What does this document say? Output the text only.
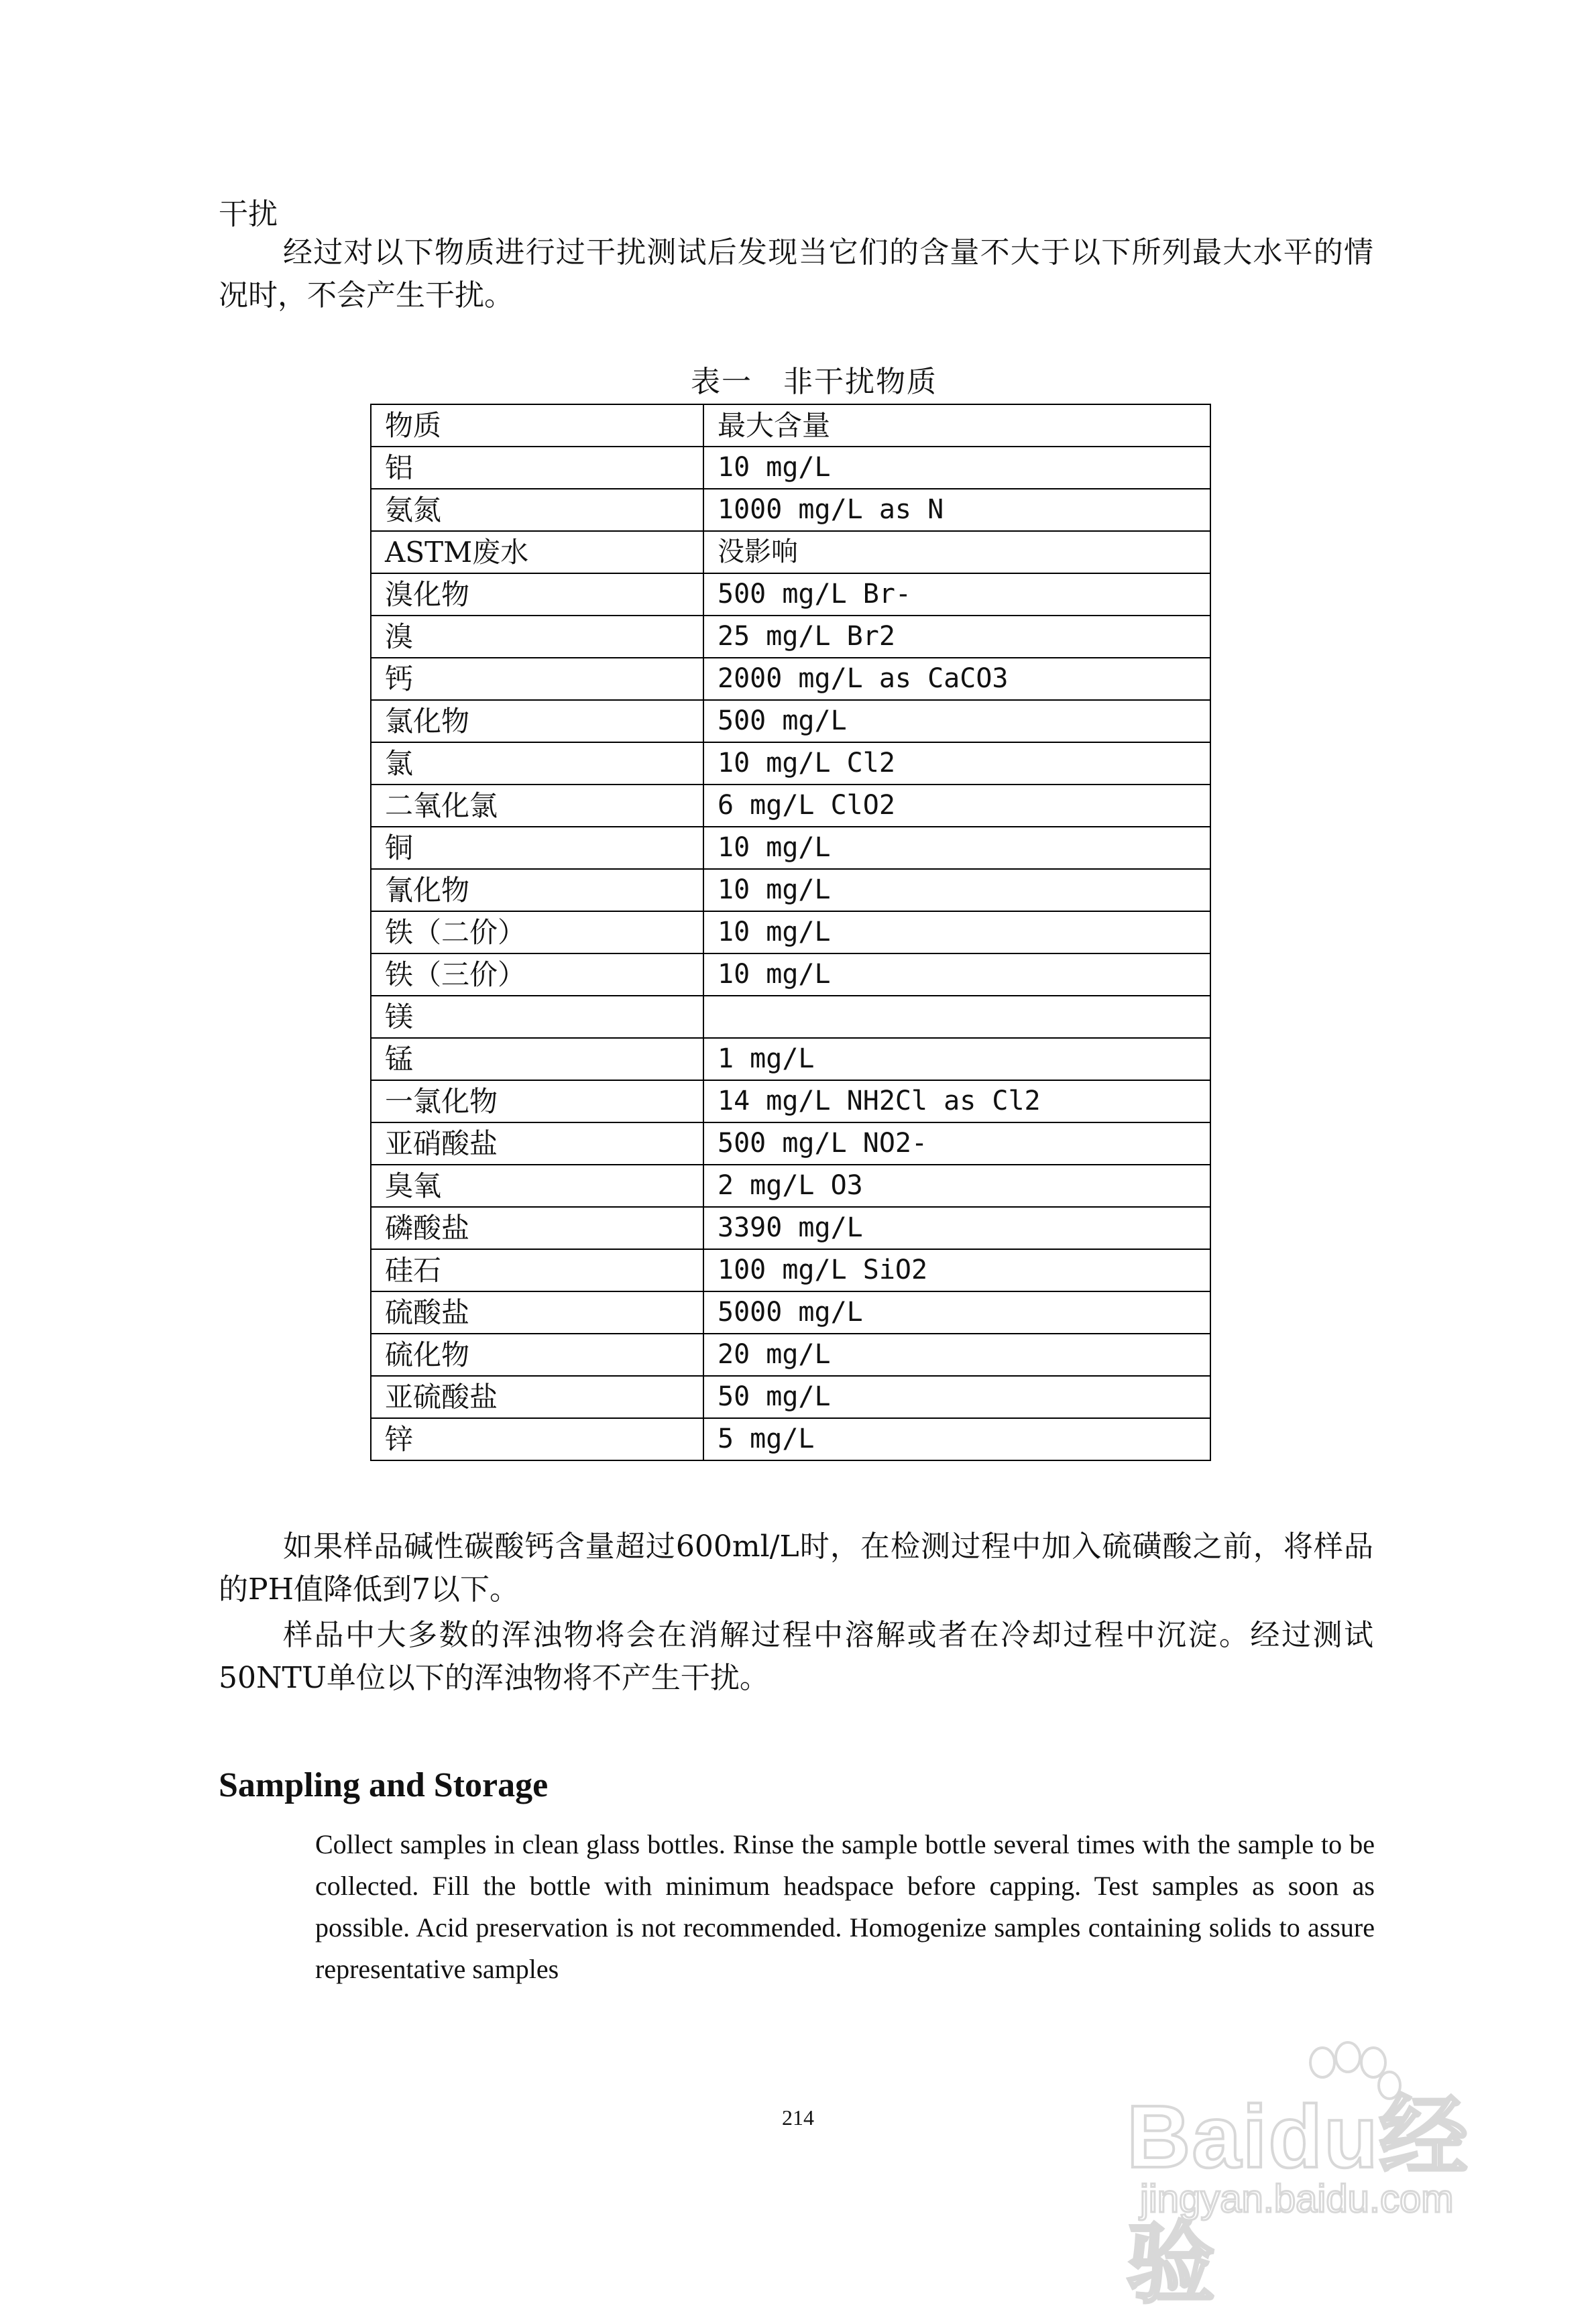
干扰
经过对以下物质进行过干扰测试后发现当它们的含量不大于以下所列最大水平的情况时，不会产生干扰。
表一　非干扰物质
物质	最大含量
铝	10 mg/L
氨氮	1000 mg/L as N
ASTM废水	没影响
溴化物	500 mg/L Br-
溴	25 mg/L Br2
钙	2000 mg/L as CaCO3
氯化物	500 mg/L
氯	10 mg/L Cl2
二氧化氯	6 mg/L ClO2
铜	10 mg/L
氰化物	10 mg/L
铁（二价）	10 mg/L
铁（三价）	10 mg/L
镁	
锰	1 mg/L
一氯化物	14 mg/L NH2Cl as Cl2
亚硝酸盐	500 mg/L NO2-
臭氧	2 mg/L O3
磷酸盐	3390 mg/L
硅石	100 mg/L SiO2
硫酸盐	5000 mg/L
硫化物	20 mg/L
亚硫酸盐	50 mg/L
锌	5 mg/L
如果样品碱性碳酸钙含量超过600ml/L时，在检测过程中加入硫磺酸之前，将样品的PH值降低到7以下。
样品中大多数的浑浊物将会在消解过程中溶解或者在冷却过程中沉淀。经过测试50NTU单位以下的浑浊物将不产生干扰。
Sampling and Storage
Collect samples in clean glass bottles. Rinse the sample bottle several times with the sample to be collected. Fill the bottle with minimum headspace before capping. Test samples as soon as possible. Acid preservation is not recommended. Homogenize samples containing solids to assure representative samples
214	Baidu经验
jingyan.baidu.com
